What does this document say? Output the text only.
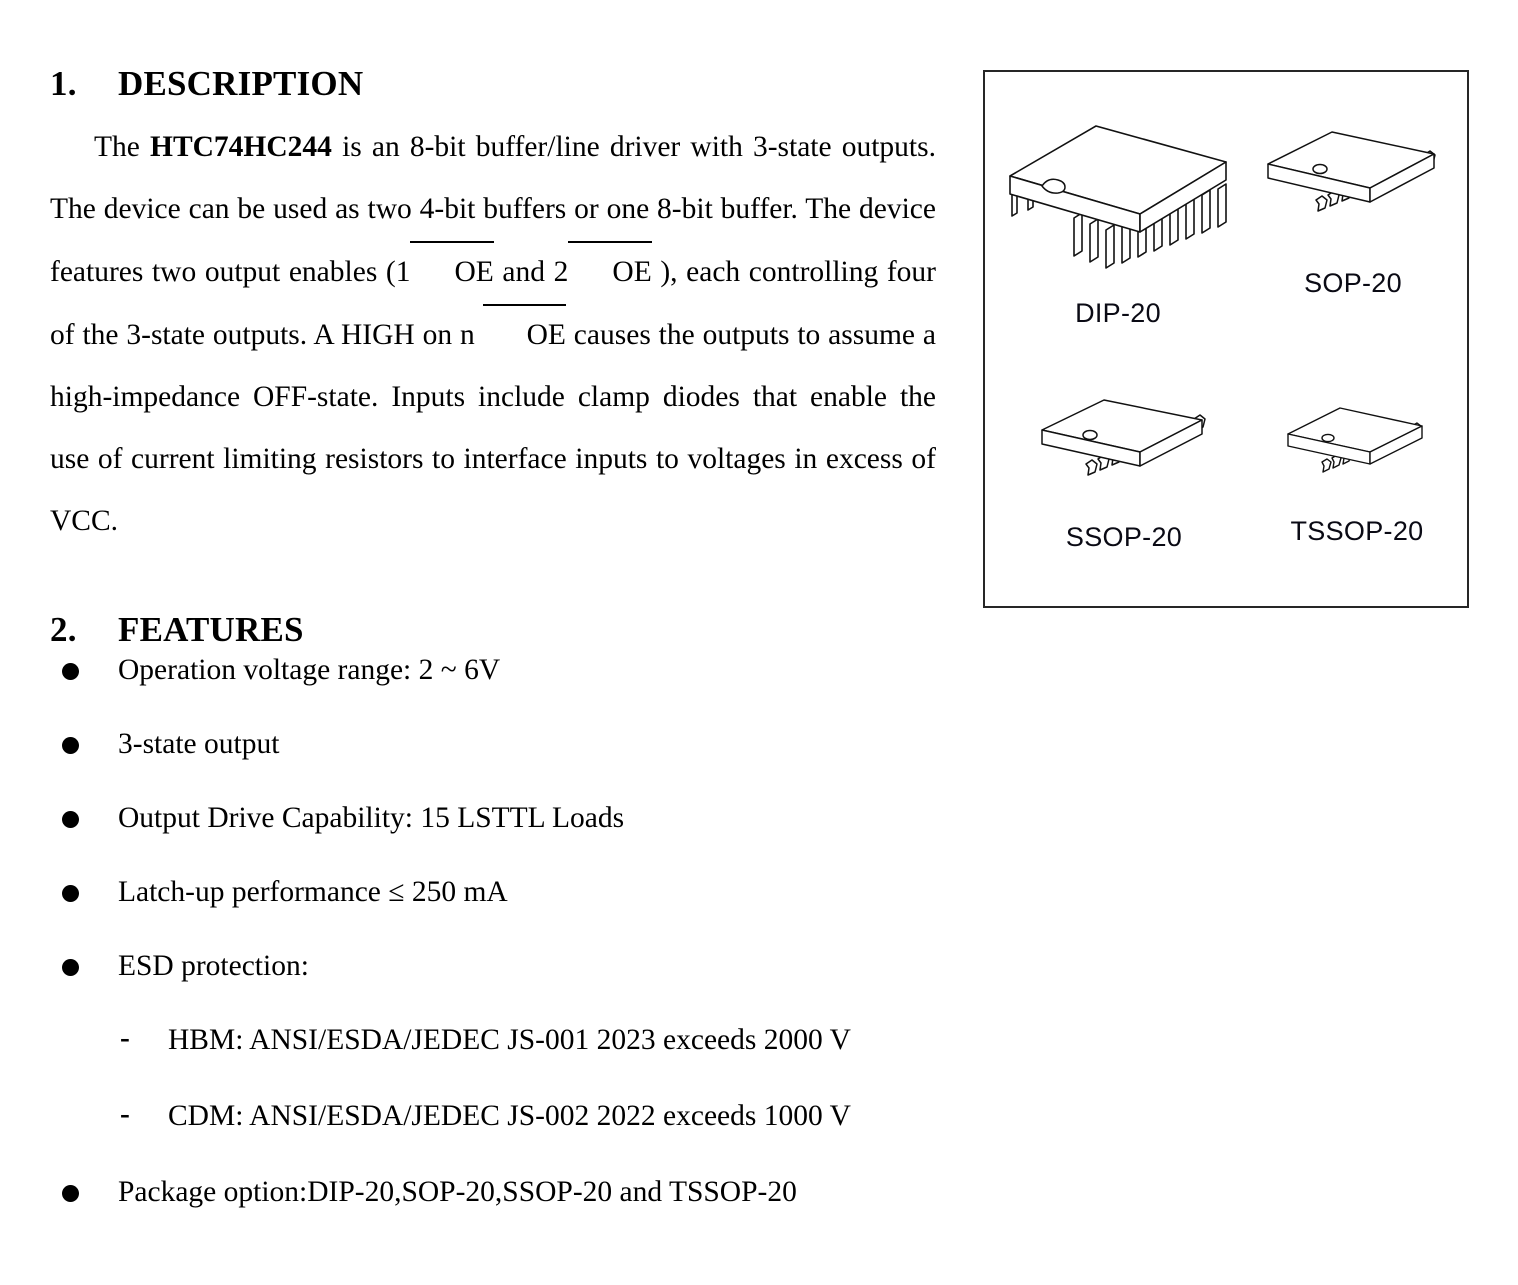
1. DESCRIPTION

The HTC74HC244 is an 8-bit buffer/line driver with 3-state outputs. The device can be used as two 4-bit buffers or one 8-bit buffer. The device features two output enables (1 OE and 2 OE ), each controlling four of the 3-state outputs. A HIGH on n OE causes the outputs to assume a high-impedance OFF-state. Inputs include clamp diodes that enable the use of current limiting resistors to interface inputs to voltages in excess of VCC.

2. FEATURES
Operation voltage range: 2 ~ 6V
3-state output
Output Drive Capability: 15 LSTTL Loads
Latch-up performance ≤ 250 mA
ESD protection:
- HBM: ANSI/ESDA/JEDEC JS-001 2023 exceeds 2000 V
- CDM: ANSI/ESDA/JEDEC JS-002 2022 exceeds 1000 V
Package option:DIP-20,SOP-20,SSOP-20 and TSSOP-20
DIP-20
SOP-20
SSOP-20	TSSOP-20
